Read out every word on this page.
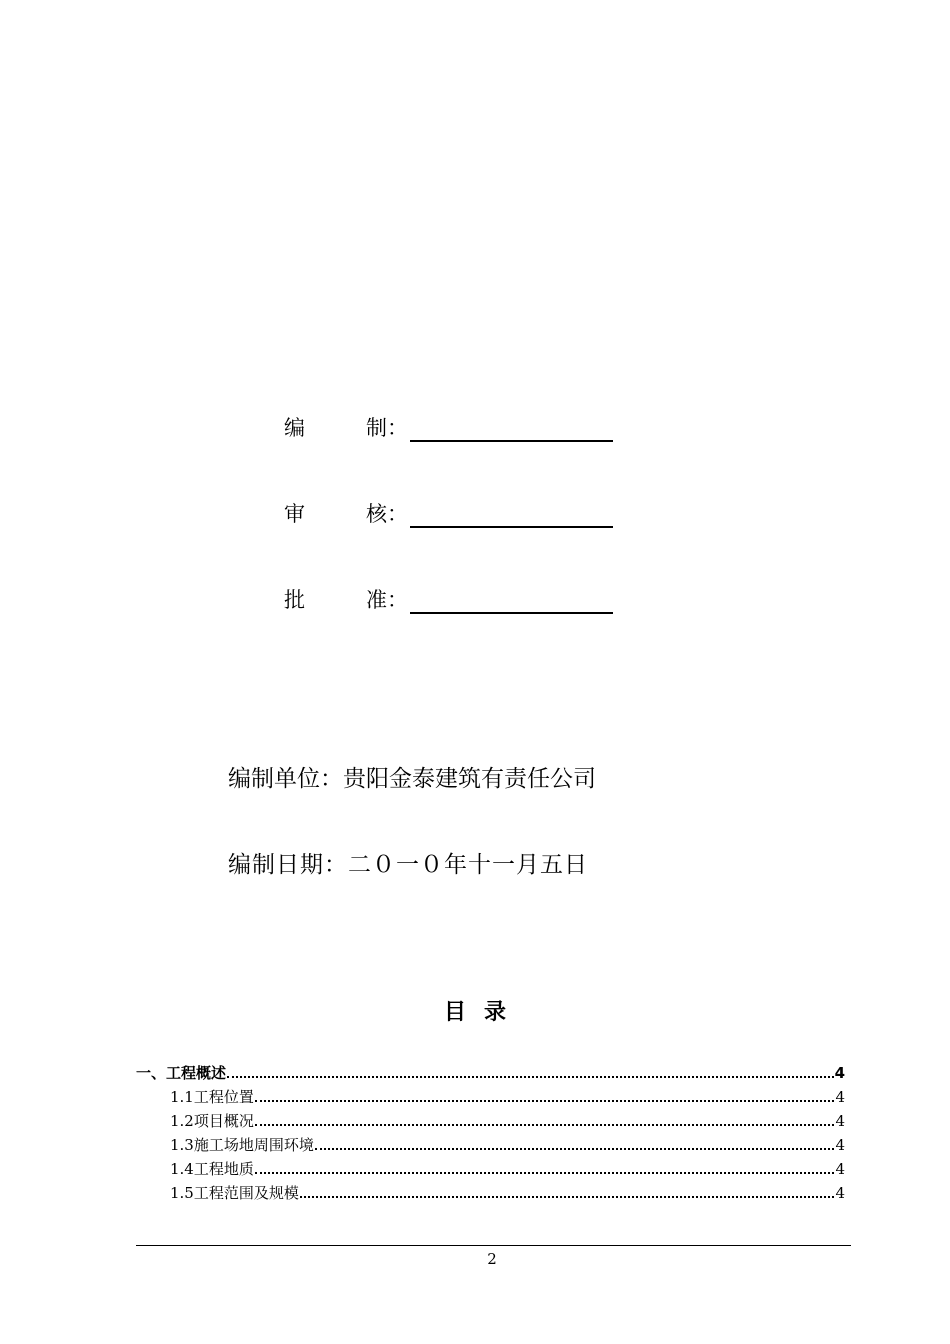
编	制：
审	核：
批	准：
编制单位：贵阳金泰建筑有责任公司
编制日期：二０一０年十一月五日
目录
一、工程概述	4
1.1工程位置	4
1.2项目概况	4
1.3施工场地周围环境	4
1.4工程地质	4
1.5工程范围及规模	4
2
